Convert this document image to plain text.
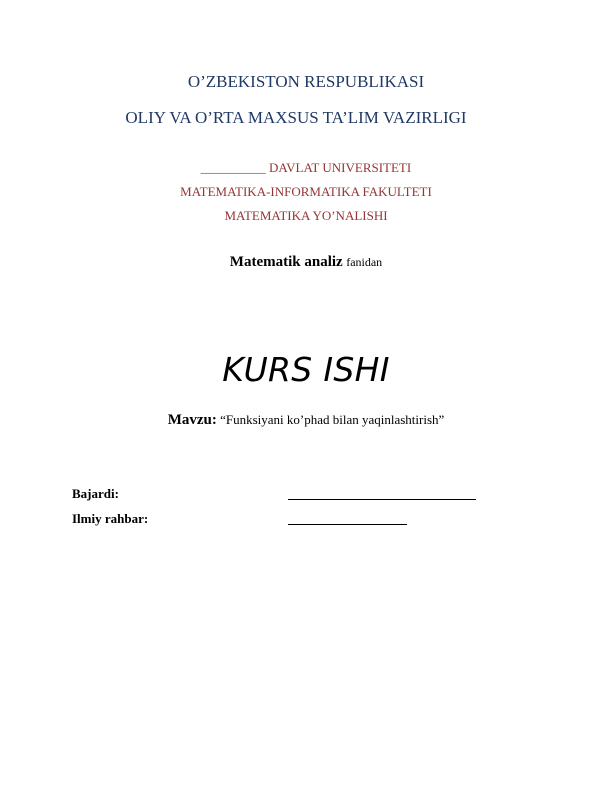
O’ZBEKISTON RESPUBLIKASI
OLIY VA O’RTA MAXSUS TA’LIM VAZIRLIGI
__________ DAVLAT UNIVERSITETI
MATEMATIKA-INFORMATIKA FAKULTETI
MATEMATIKA YO’NALISHI
Matematik analiz fanidan
KURS ISHI
Mavzu: “Funksiyani ko’phad bilan yaqinlashtirish”
Bajardi:
Ilmiy rahbar:
